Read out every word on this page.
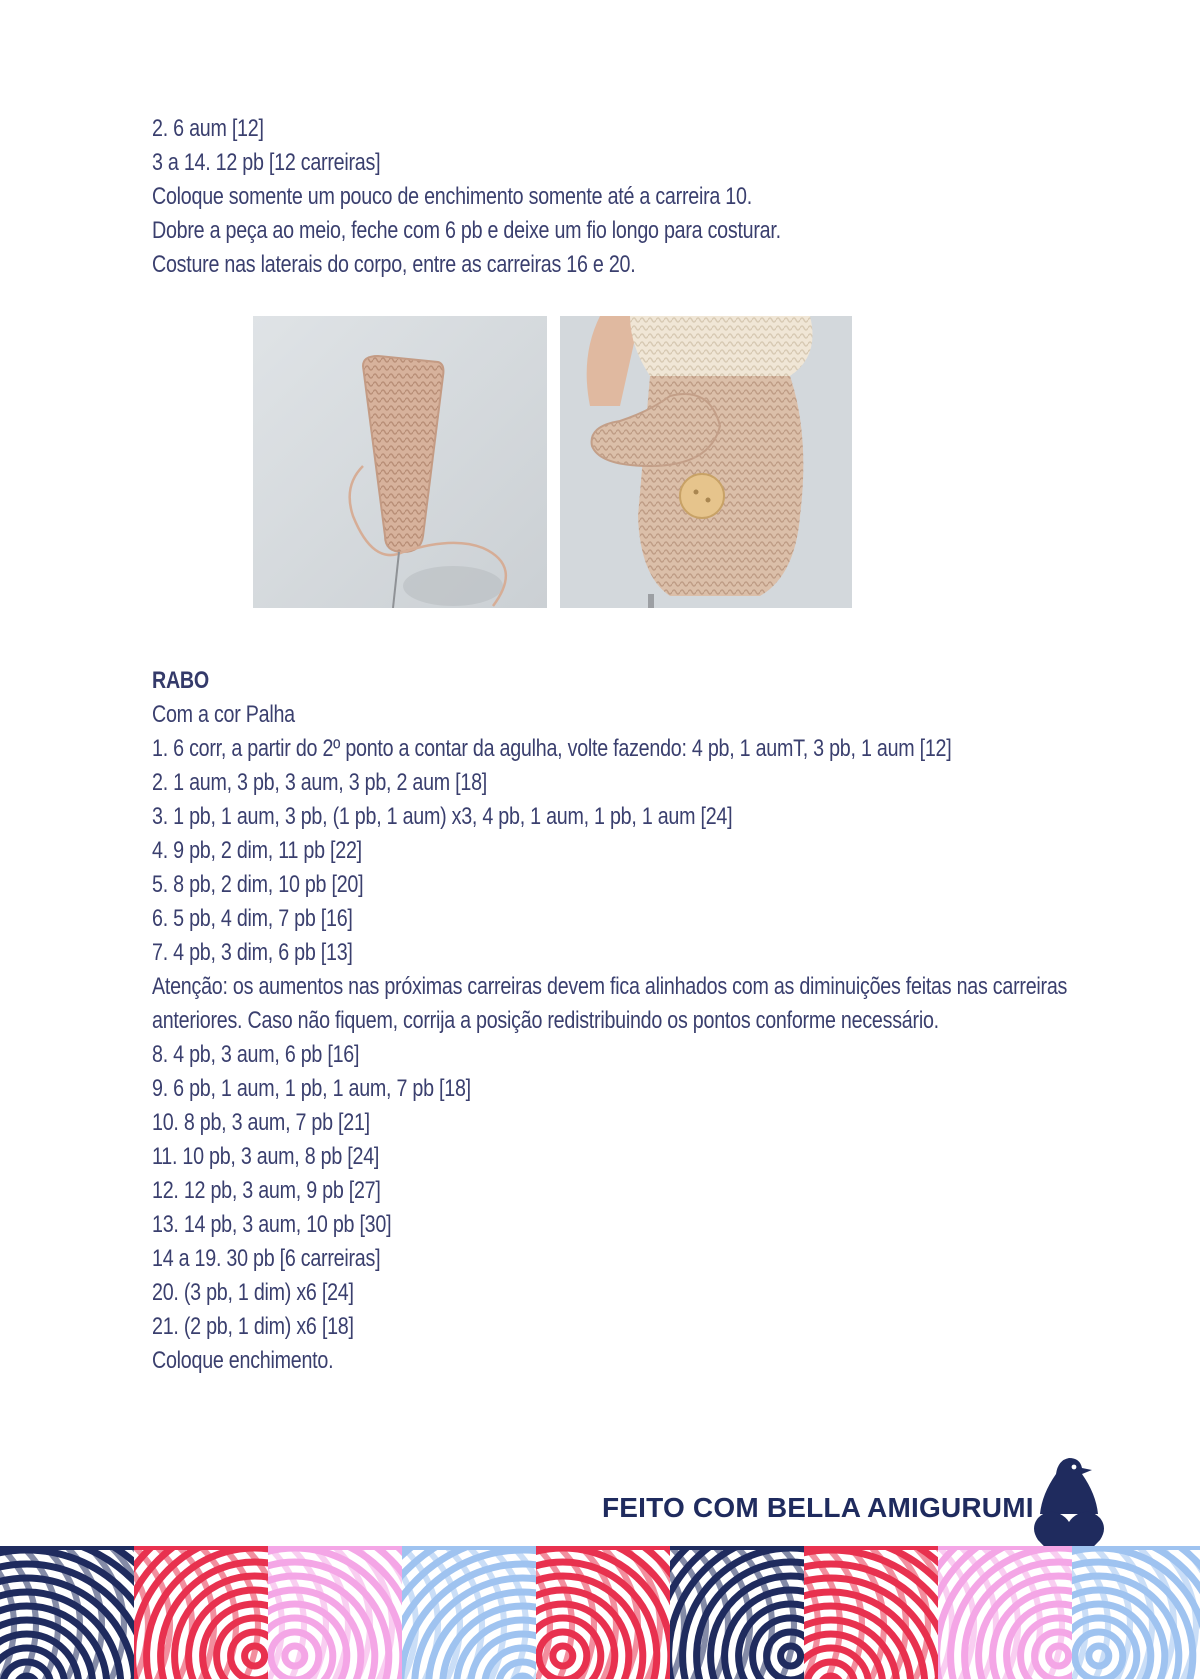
2. 6 aum [12]
3 a 14. 12 pb [12 carreiras]
Coloque somente um pouco de enchimento somente até a carreira 10.
Dobre a peça ao meio, feche com 6 pb e deixe um fio longo para costurar.
Costure nas laterais do corpo, entre as carreiras 16 e 20.
RABO
Com a cor Palha
1. 6 corr, a partir do 2º ponto a contar da agulha, volte fazendo: 4 pb, 1 aumT, 3 pb, 1 aum [12]
2. 1 aum, 3 pb, 3 aum, 3 pb, 2 aum [18]
3. 1 pb, 1 aum, 3 pb, (1 pb, 1 aum) x3, 4 pb, 1 aum, 1 pb, 1 aum [24]
4. 9 pb, 2 dim, 11 pb [22]
5. 8 pb, 2 dim, 10 pb [20]
6. 5 pb, 4 dim, 7 pb [16]
7. 4 pb, 3 dim, 6 pb [13]
Atenção: os aumentos nas próximas carreiras devem fica alinhados com as diminuições feitas nas carreiras anteriores. Caso não fiquem, corrija a posição redistribuindo os pontos conforme necessário.
8. 4 pb, 3 aum, 6 pb [16]
9. 6 pb, 1 aum, 1 pb, 1 aum, 7 pb [18]
10. 8 pb, 3 aum, 7 pb [21]
11. 10 pb, 3 aum, 8 pb [24]
12. 12 pb, 3 aum, 9 pb [27]
13. 14 pb, 3 aum, 10 pb [30]
14 a 19. 30 pb [6 carreiras]
20. (3 pb, 1 dim) x6 [24]
21. (2 pb, 1 dim) x6 [18]
Coloque enchimento.
FEITO COM BELLA AMIGURUMI
